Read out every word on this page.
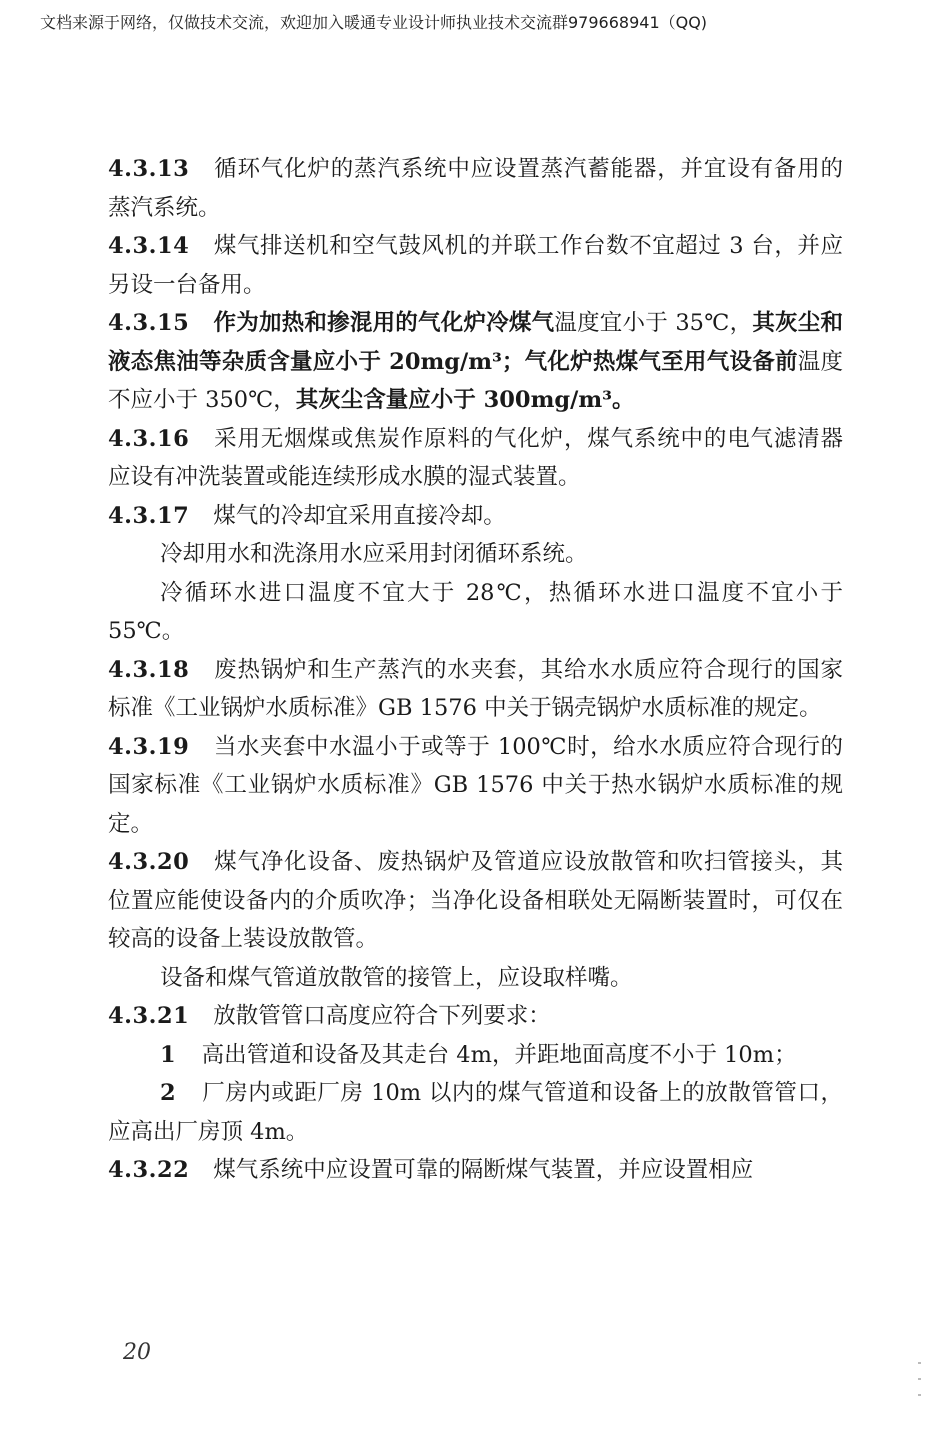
文档来源于网络，仅做技术交流，欢迎加入暖通专业设计师执业技术交流群979668941（QQ)

4.3.13 循环气化炉的蒸汽系统中应设置蒸汽蓄能器，并宜设有备用的蒸汽系统。

4.3.14 煤气排送机和空气鼓风机的并联工作台数不宜超过 3 台，并应另设一台备用。

4.3.15 作为加热和掺混用的气化炉冷煤气温度宜小于 35℃，其灰尘和液态焦油等杂质含量应小于 20mg/m³；气化炉热煤气至用气设备前温度不应小于 350℃，其灰尘含量应小于 300mg/m³。

4.3.16 采用无烟煤或焦炭作原料的气化炉，煤气系统中的电气滤清器应设有冲洗装置或能连续形成水膜的湿式装置。

4.3.17 煤气的冷却宜采用直接冷却。

冷却用水和洗涤用水应采用封闭循环系统。

冷循环水进口温度不宜大于 28℃，热循环水进口温度不宜小于 55℃。

4.3.18 废热锅炉和生产蒸汽的水夹套，其给水水质应符合现行的国家标准《工业锅炉水质标准》GB 1576 中关于锅壳锅炉水质标准的规定。

4.3.19 当水夹套中水温小于或等于 100℃时，给水水质应符合现行的国家标准《工业锅炉水质标准》GB 1576 中关于热水锅炉水质标准的规定。

4.3.20 煤气净化设备、废热锅炉及管道应设放散管和吹扫管接头，其位置应能使设备内的介质吹净；当净化设备相联处无隔断装置时，可仅在较高的设备上装设放散管。

设备和煤气管道放散管的接管上，应设取样嘴。

4.3.21 放散管管口高度应符合下列要求：

1 高出管道和设备及其走台 4m，并距地面高度不小于 10m；

2 厂房内或距厂房 10m 以内的煤气管道和设备上的放散管管口，应高出厂房顶 4m。

4.3.22 煤气系统中应设置可靠的隔断煤气装置，并应设置相应

20
